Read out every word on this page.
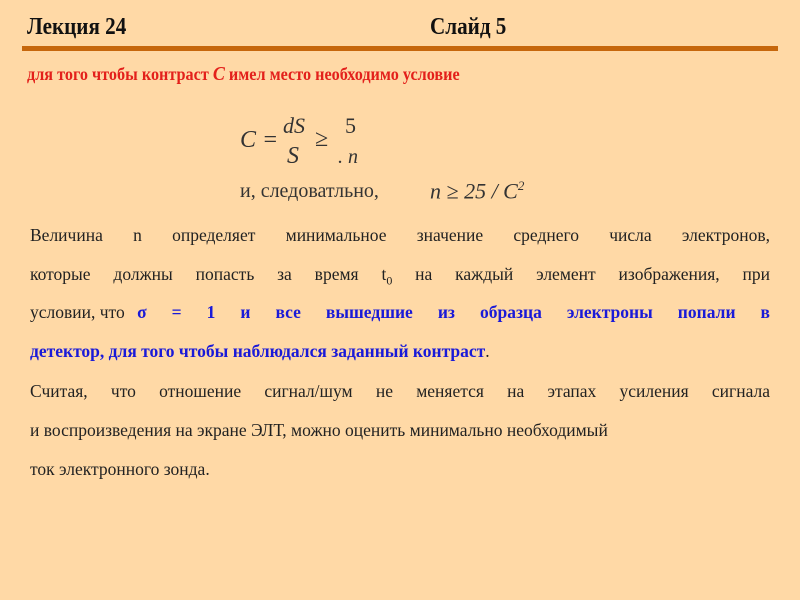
Лекция 24	Слайд 5
для того чтобы контраст C имел место необходимо условие
C =
dS
S
≥
5
. n
и, следоватльно, $n \ge 25 / C^2$
Величина n определяет минимальное значение среднего числа электронов,
которые должны попасть за время $t_0$ на каждый элемент изображения, при
условии, что σ = 1 и все вышедшие из образца электроны попали в
детектор, для того чтобы наблюдался заданный контраст.
Считая, что отношение сигнал/шум не меняется на этапах усиления сигнала
и воспроизведения на экране ЭЛТ, можно оценить минимально необходимый
ток электронного зонда.
